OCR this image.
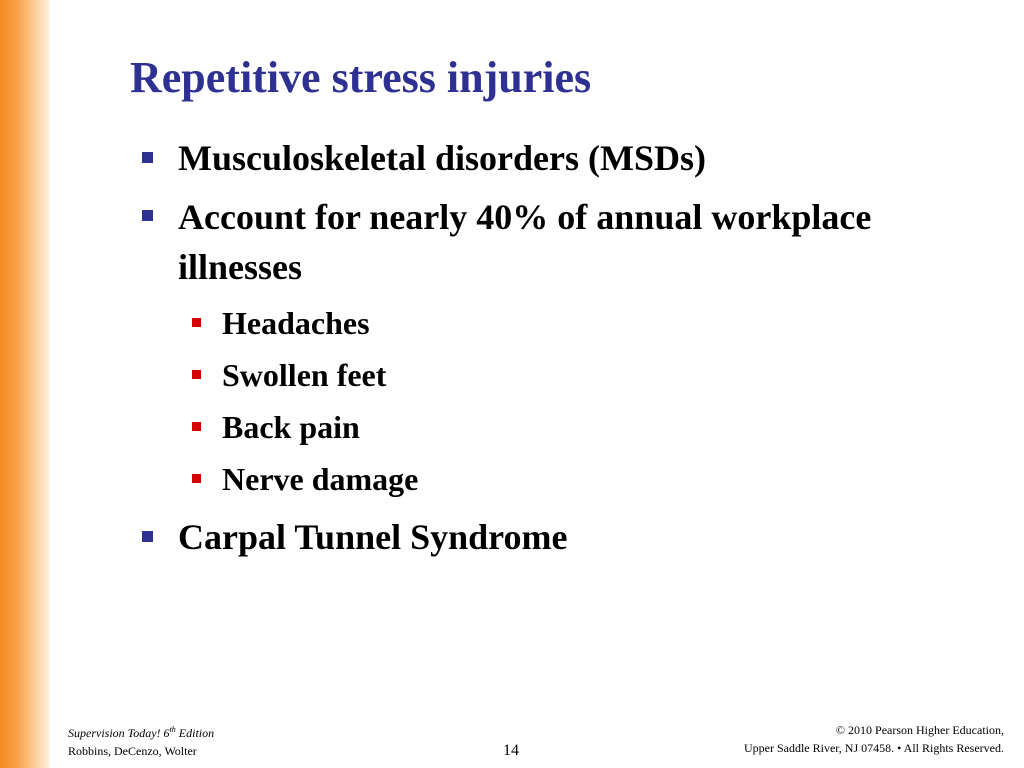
Repetitive stress injuries
Musculoskeletal disorders (MSDs)
Account for nearly 40% of annual workplace illnesses
Headaches
Swollen feet
Back pain
Nerve damage
Carpal Tunnel Syndrome
Supervision Today! 6th Edition
Robbins, DeCenzo, Wolter	14
© 2010 Pearson Higher Education,
Upper Saddle River, NJ 07458. • All Rights Reserved.
